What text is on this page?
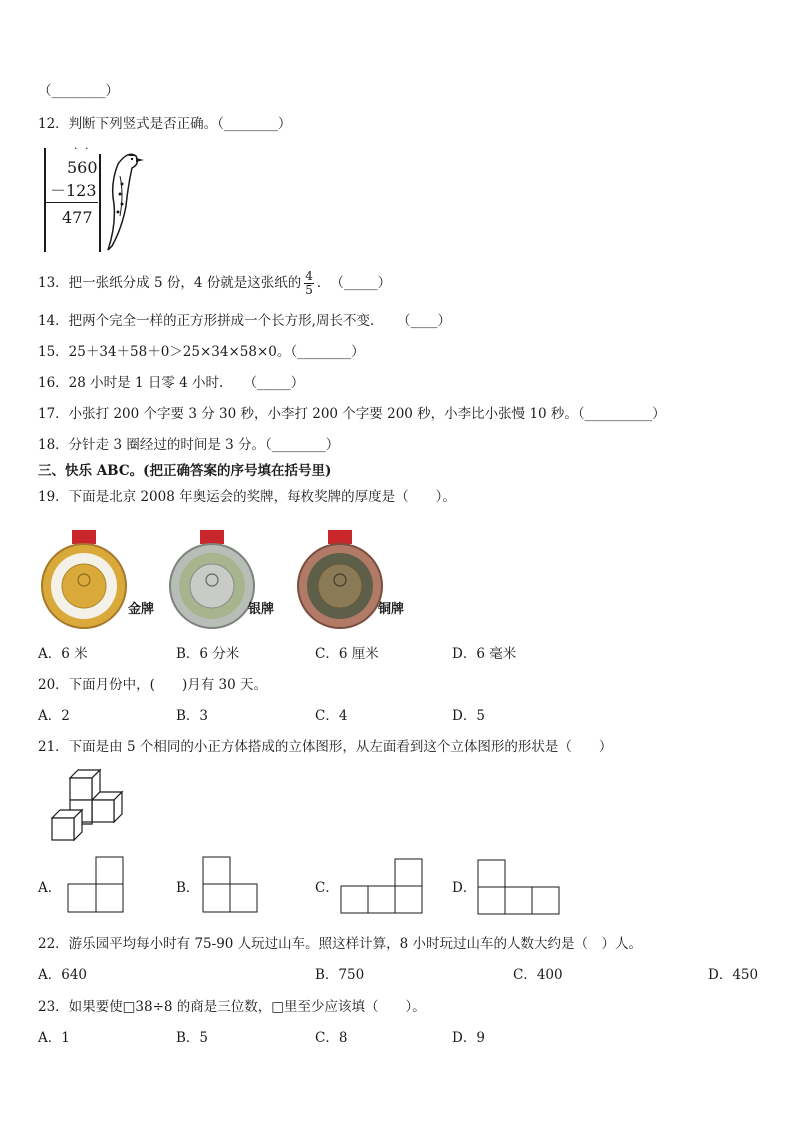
（________）
12．判断下列竖式是否正确。（________）
· ·
560
－123
477
13．把一张纸分成 5 份，4 份就是这张纸的 $\frac{4}{5}$ ．　（_____）
14．把两个完全一样的正方形拼成一个长方形,周长不变．　　（____）
15．25＋34＋58＋0＞25×34×58×0。（________）
16．28 小时是 1 日零 4 小时.　　（_____）
17．小张打 200 个字要 3 分 30 秒，小李打 200 个字要 200 秒，小李比小张慢 10 秒。（__________）
18．分针走 3 圈经过的时间是 3 分。（________）
三、快乐 ABC。(把正确答案的序号填在括号里)
19．下面是北京 2008 年奥运会的奖牌，每枚奖牌的厚度是（　　）。
金牌	银牌	铜牌
A．6 米	B．6 分米	C．6 厘米	D．6 毫米
20．下面月份中，(　　)月有 30 天。
A．2	B．3	C．4	D．5
21．下面是由 5 个相同的小正方体搭成的立体图形，从左面看到这个立体图形的形状是（　　）
A．	B．	C．	D．
22．游乐园平均每小时有 75-90 人玩过山车。照这样计算，8 小时玩过山车的人数大约是（　）人。
A．640	B．750	C．400	D．450
23．如果要使□38÷8 的商是三位数，□里至少应该填（　　）。
A．1	B．5	C．8	D．9
